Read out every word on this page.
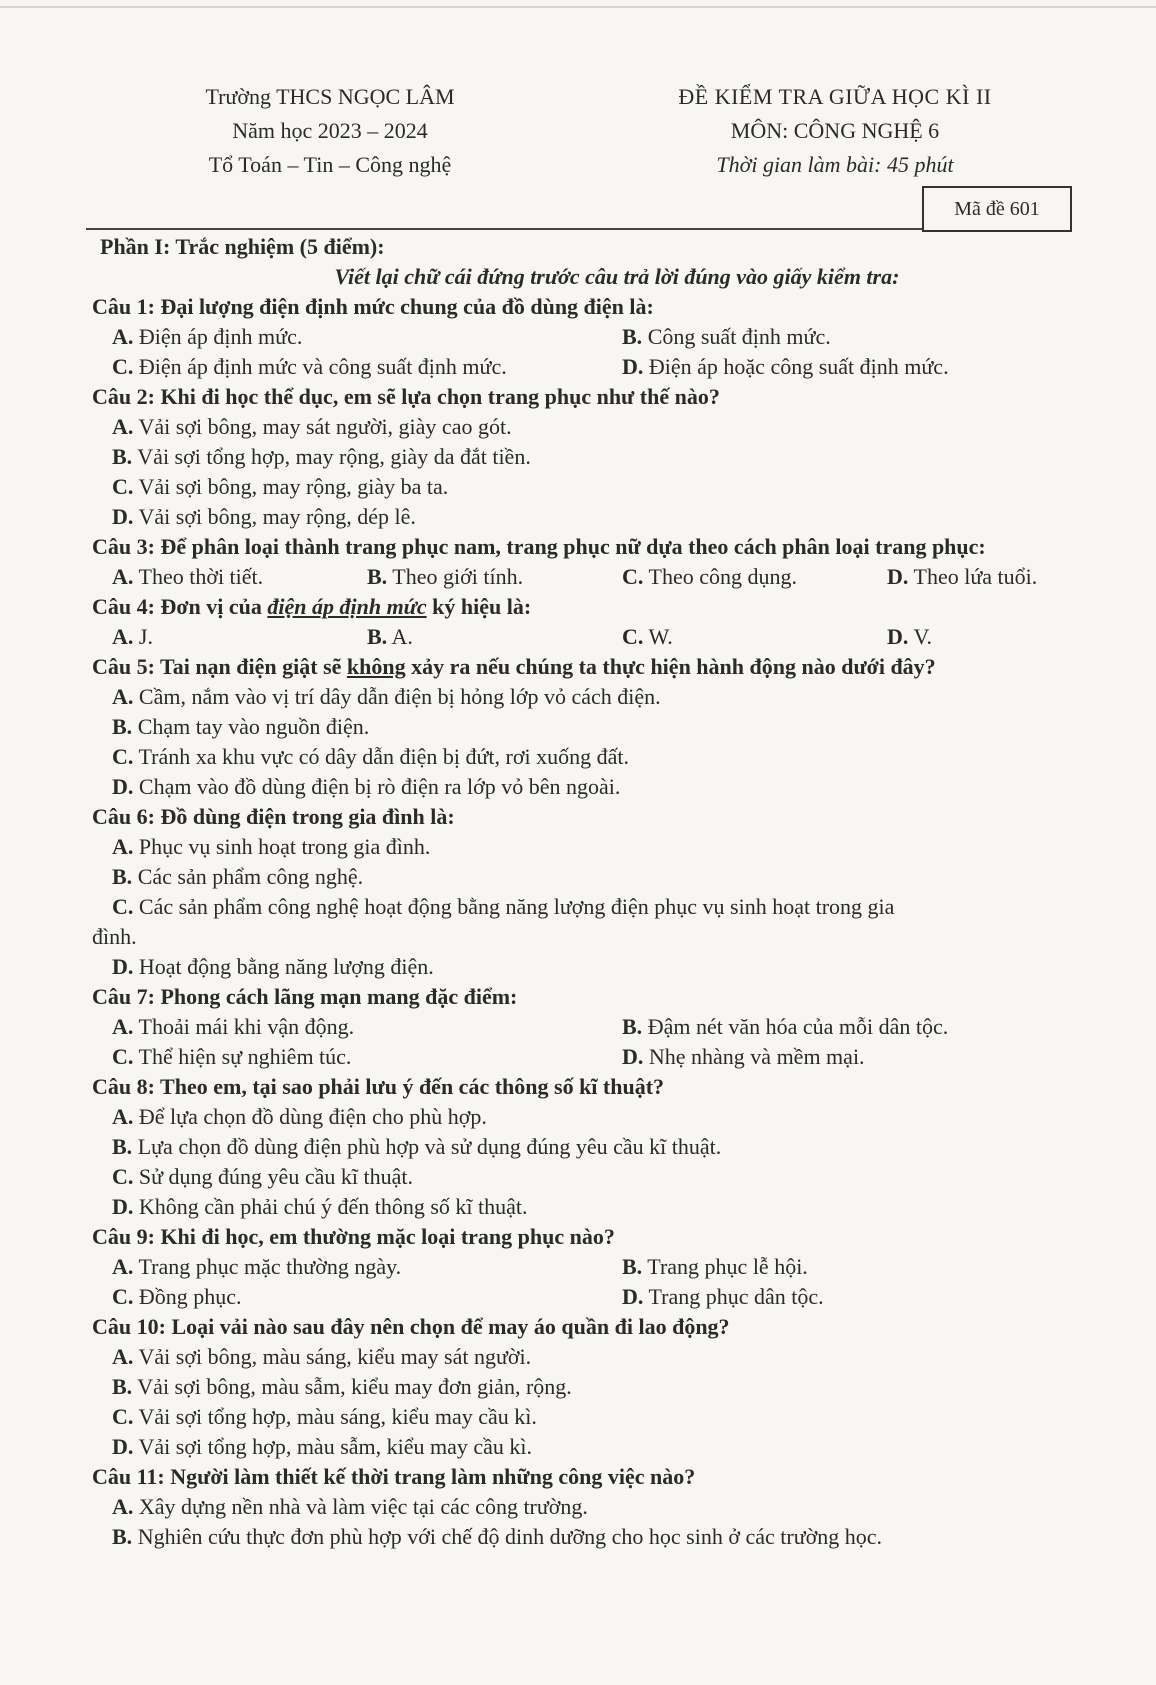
Trường THCS NGỌC LÂM
Năm học 2023 – 2024
Tổ Toán – Tin – Công nghệ
ĐỀ KIỂM TRA GIỮA HỌC KÌ II
MÔN: CÔNG NGHỆ 6
Thời gian làm bài: 45 phút
Mã đề 601

Phần I: Trắc nghiệm (5 điểm):

Viết lại chữ cái đứng trước câu trả lời đúng vào giấy kiểm tra:

Câu 1: Đại lượng điện định mức chung của đồ dùng điện là:

A. Điện áp định mức.	B. Công suất định mức.
C. Điện áp định mức và công suất định mức.	D. Điện áp hoặc công suất định mức.

Câu 2: Khi đi học thể dục, em sẽ lựa chọn trang phục như thế nào?

A. Vải sợi bông, may sát người, giày cao gót.

B. Vải sợi tổng hợp, may rộng, giày da đắt tiền.

C. Vải sợi bông, may rộng, giày ba ta.

D. Vải sợi bông, may rộng, dép lê.

Câu 3: Để phân loại thành trang phục nam, trang phục nữ dựa theo cách phân loại trang phục:

A. Theo thời tiết.	B. Theo giới tính.	C. Theo công dụng.	D. Theo lứa tuổi.

Câu 4: Đơn vị của điện áp định mức ký hiệu là:

A. J.	B. A.	C. W.	D. V.

Câu 5: Tai nạn điện giật sẽ không xảy ra nếu chúng ta thực hiện hành động nào dưới đây?

A. Cầm, nắm vào vị trí dây dẫn điện bị hỏng lớp vỏ cách điện.

B. Chạm tay vào nguồn điện.

C. Tránh xa khu vực có dây dẫn điện bị đứt, rơi xuống đất.

D. Chạm vào đồ dùng điện bị rò điện ra lớp vỏ bên ngoài.

Câu 6: Đồ dùng điện trong gia đình là:

A. Phục vụ sinh hoạt trong gia đình.

B. Các sản phẩm công nghệ.

C. Các sản phẩm công nghệ hoạt động bằng năng lượng điện phục vụ sinh hoạt trong gia

đình.

D. Hoạt động bằng năng lượng điện.

Câu 7: Phong cách lãng mạn mang đặc điểm:

A. Thoải mái khi vận động.	B. Đậm nét văn hóa của mỗi dân tộc.
C. Thể hiện sự nghiêm túc.	D. Nhẹ nhàng và mềm mại.

Câu 8: Theo em, tại sao phải lưu ý đến các thông số kĩ thuật?

A. Để lựa chọn đồ dùng điện cho phù hợp.

B. Lựa chọn đồ dùng điện phù hợp và sử dụng đúng yêu cầu kĩ thuật.

C. Sử dụng đúng yêu cầu kĩ thuật.

D. Không cần phải chú ý đến thông số kĩ thuật.

Câu 9: Khi đi học, em thường mặc loại trang phục nào?

A. Trang phục mặc thường ngày.	B. Trang phục lễ hội.
C. Đồng phục.	D. Trang phục dân tộc.

Câu 10: Loại vải nào sau đây nên chọn để may áo quần đi lao động?

A. Vải sợi bông, màu sáng, kiểu may sát người.

B. Vải sợi bông, màu sẫm, kiểu may đơn giản, rộng.

C. Vải sợi tổng hợp, màu sáng, kiểu may cầu kì.

D. Vải sợi tổng hợp, màu sẫm, kiểu may cầu kì.

Câu 11: Người làm thiết kế thời trang làm những công việc nào?

A. Xây dựng nền nhà và làm việc tại các công trường.

B. Nghiên cứu thực đơn phù hợp với chế độ dinh dưỡng cho học sinh ở các trường học.
